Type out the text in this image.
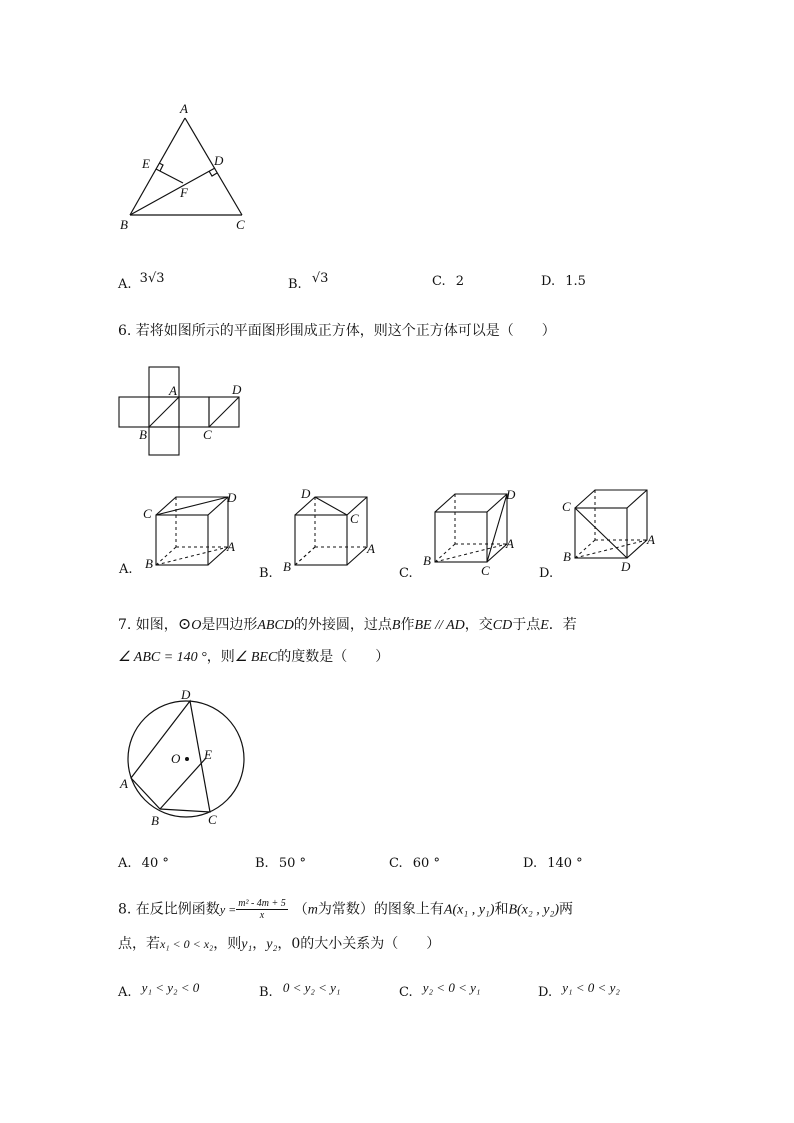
A
E	D
F
B	C
A. 3√3	B. √3	C. 2	D. 1.5
6. 若将如图所示的平面图形围成正方体，则这个正方体可以是（　　）
A	D
B	C
C
D
A
B
A.
D
C
A
B
B.
D
A
B
C
C.
C
A
B
D
D.
7. 如图，⊙O是四边形ABCD的外接圆，过点B作BE // AD，交CD于点E．若
∠ ABC = 140 °，则∠ BEC的度数是（　　）
D
O E
A
B	C
A. 40 °	B. 50 °	C. 60 °	D. 140 °
8. 在反比例函数$y = \frac{\text{m² - 4m + 5}}{x} (m$为常数）的图象上有A(x₁ , y₁)和B(x₂ , y₂)两
点，若x₁ < 0 < x₂，则y₁，y₂，0的大小关系为（　　）
A. y₁ < y₂ < 0	B. 0 < y₂ < y₁	C. y₂ < 0 < y₁	D. y₁ < 0 < y₂
